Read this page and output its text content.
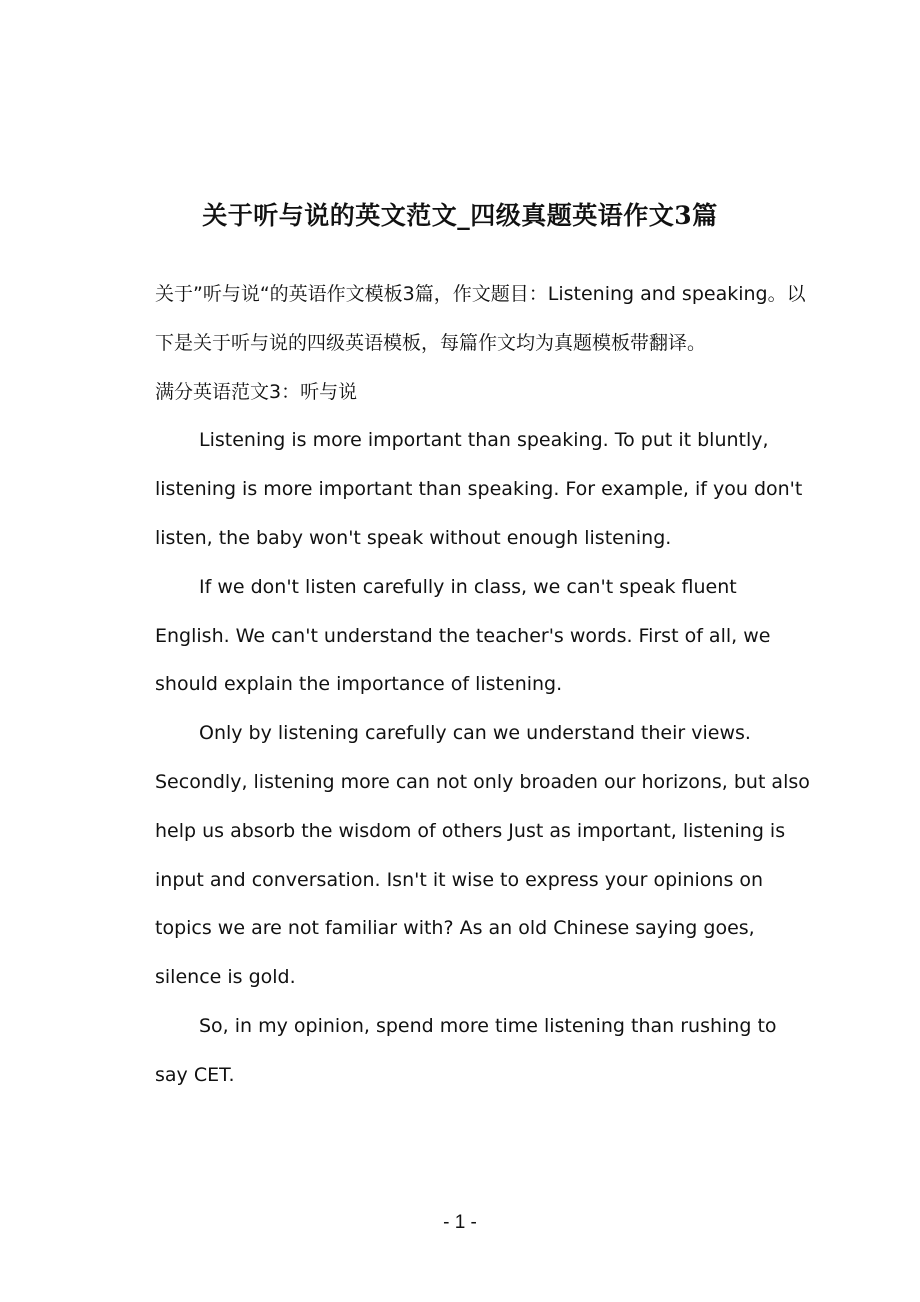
关于听与说的英文范文_四级真题英语作文3篇

关于”听与说“的英语作文模板3篇，作文题目：Listening and speaking。以下是关于听与说的四级英语模板，每篇作文均为真题模板带翻译。

满分英语范文3：听与说

Listening is more important than speaking. To put it bluntly, listening is more important than speaking. For example, if you don't listen, the baby won't speak without enough listening.

If we don't listen carefully in class, we can't speak fluent English. We can't understand the teacher's words. First of all, we should explain the importance of listening.

Only by listening carefully can we understand their views. Secondly, listening more can not only broaden our horizons, but also help us absorb the wisdom of others Just as important, listening is input and conversation. Isn't it wise to express your opinions on topics we are not familiar with? As an old Chinese saying goes, silence is gold.

So, in my opinion, spend more time listening than rushing to say CET.

- 1 -
